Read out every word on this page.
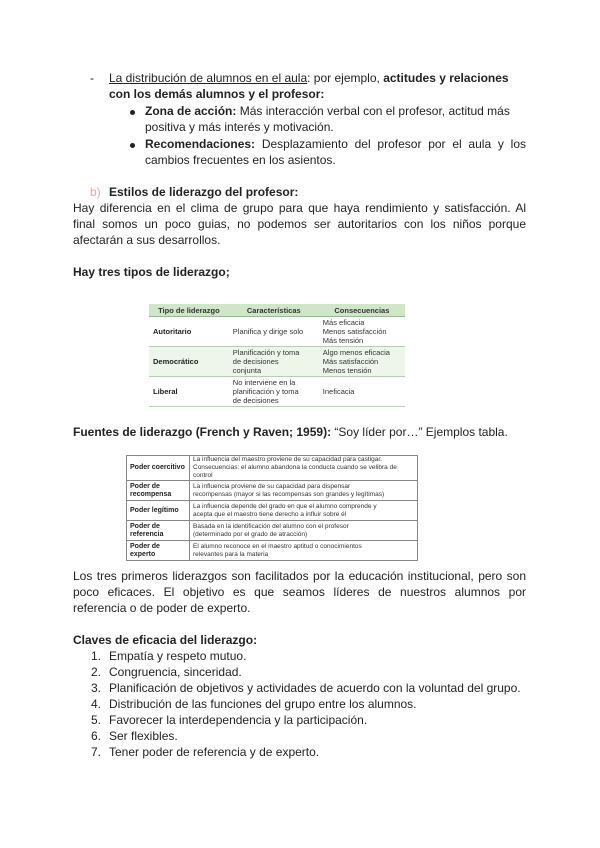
- La distribución de alumnos en el aula: por ejemplo, actitudes y relaciones
con los demás alumnos y el profesor:
Zona de acción: Más interacción verbal con el profesor, actitud más
positiva y más interés y motivación.
Recomendaciones: Desplazamiento del profesor por el aula y los
cambios frecuentes en los asientos.
b) Estilos de liderazgo del profesor:
Hay diferencia en el clima de grupo para que haya rendimiento y satisfacción. Al
final somos un poco guias, no podemos ser autoritarios con los niños porque
afectarán a sus desarrollos.
Hay tres tipos de liderazgo;
Tipo de liderazgo	Características	Consecuencias
Autoritario	Planifica y dirige solo	Más eficacia
Menos satisfacción
Más tensión
Democrático	Planificación y toma
de decisiones
conjunta	Algo menos eficacia
Más satisfacción
Menos tensión
Liberal	No interviene en la
planificación y toma
de decisiones	Ineficacia
Fuentes de liderazgo (French y Raven; 1959): “Soy líder por…” Ejemplos tabla.
Poder coercitivo	La influencia del maestro proviene de su capacidad para castigar.
Consecuencias: el alumno abandona la conducta cuando se velibra de control
Poder de
recompensa	La influencia proviene de su capacidad para dispensar
recompensas (mayor si las recompensas son grandes y legítimas)
Poder legítimo	La influencia depende del grado en que el alumno comprende y
acepta que el maestro tiene derecho a influir sobre él
Poder de
referencia	Basada en la identificación del alumno con el profesor
(determinado por el grado de atracción)
Poder de experto	El alumno reconoce en el maestro aptitud o conocimientos
relevantes para la materia
Los tres primeros liderazgos son facilitados por la educación institucional, pero son
poco eficaces. El objetivo es que seamos líderes de nuestros alumnos por
referencia o de poder de experto.
Claves de eficacia del liderazgo:
1. Empatía y respeto mutuo.
2. Congruencia, sinceridad.
3. Planificación de objetivos y actividades de acuerdo con la voluntad del grupo.
4. Distribución de las funciones del grupo entre los alumnos.
5. Favorecer la interdependencia y la participación.
6. Ser flexibles.
7. Tener poder de referencia y de experto.
